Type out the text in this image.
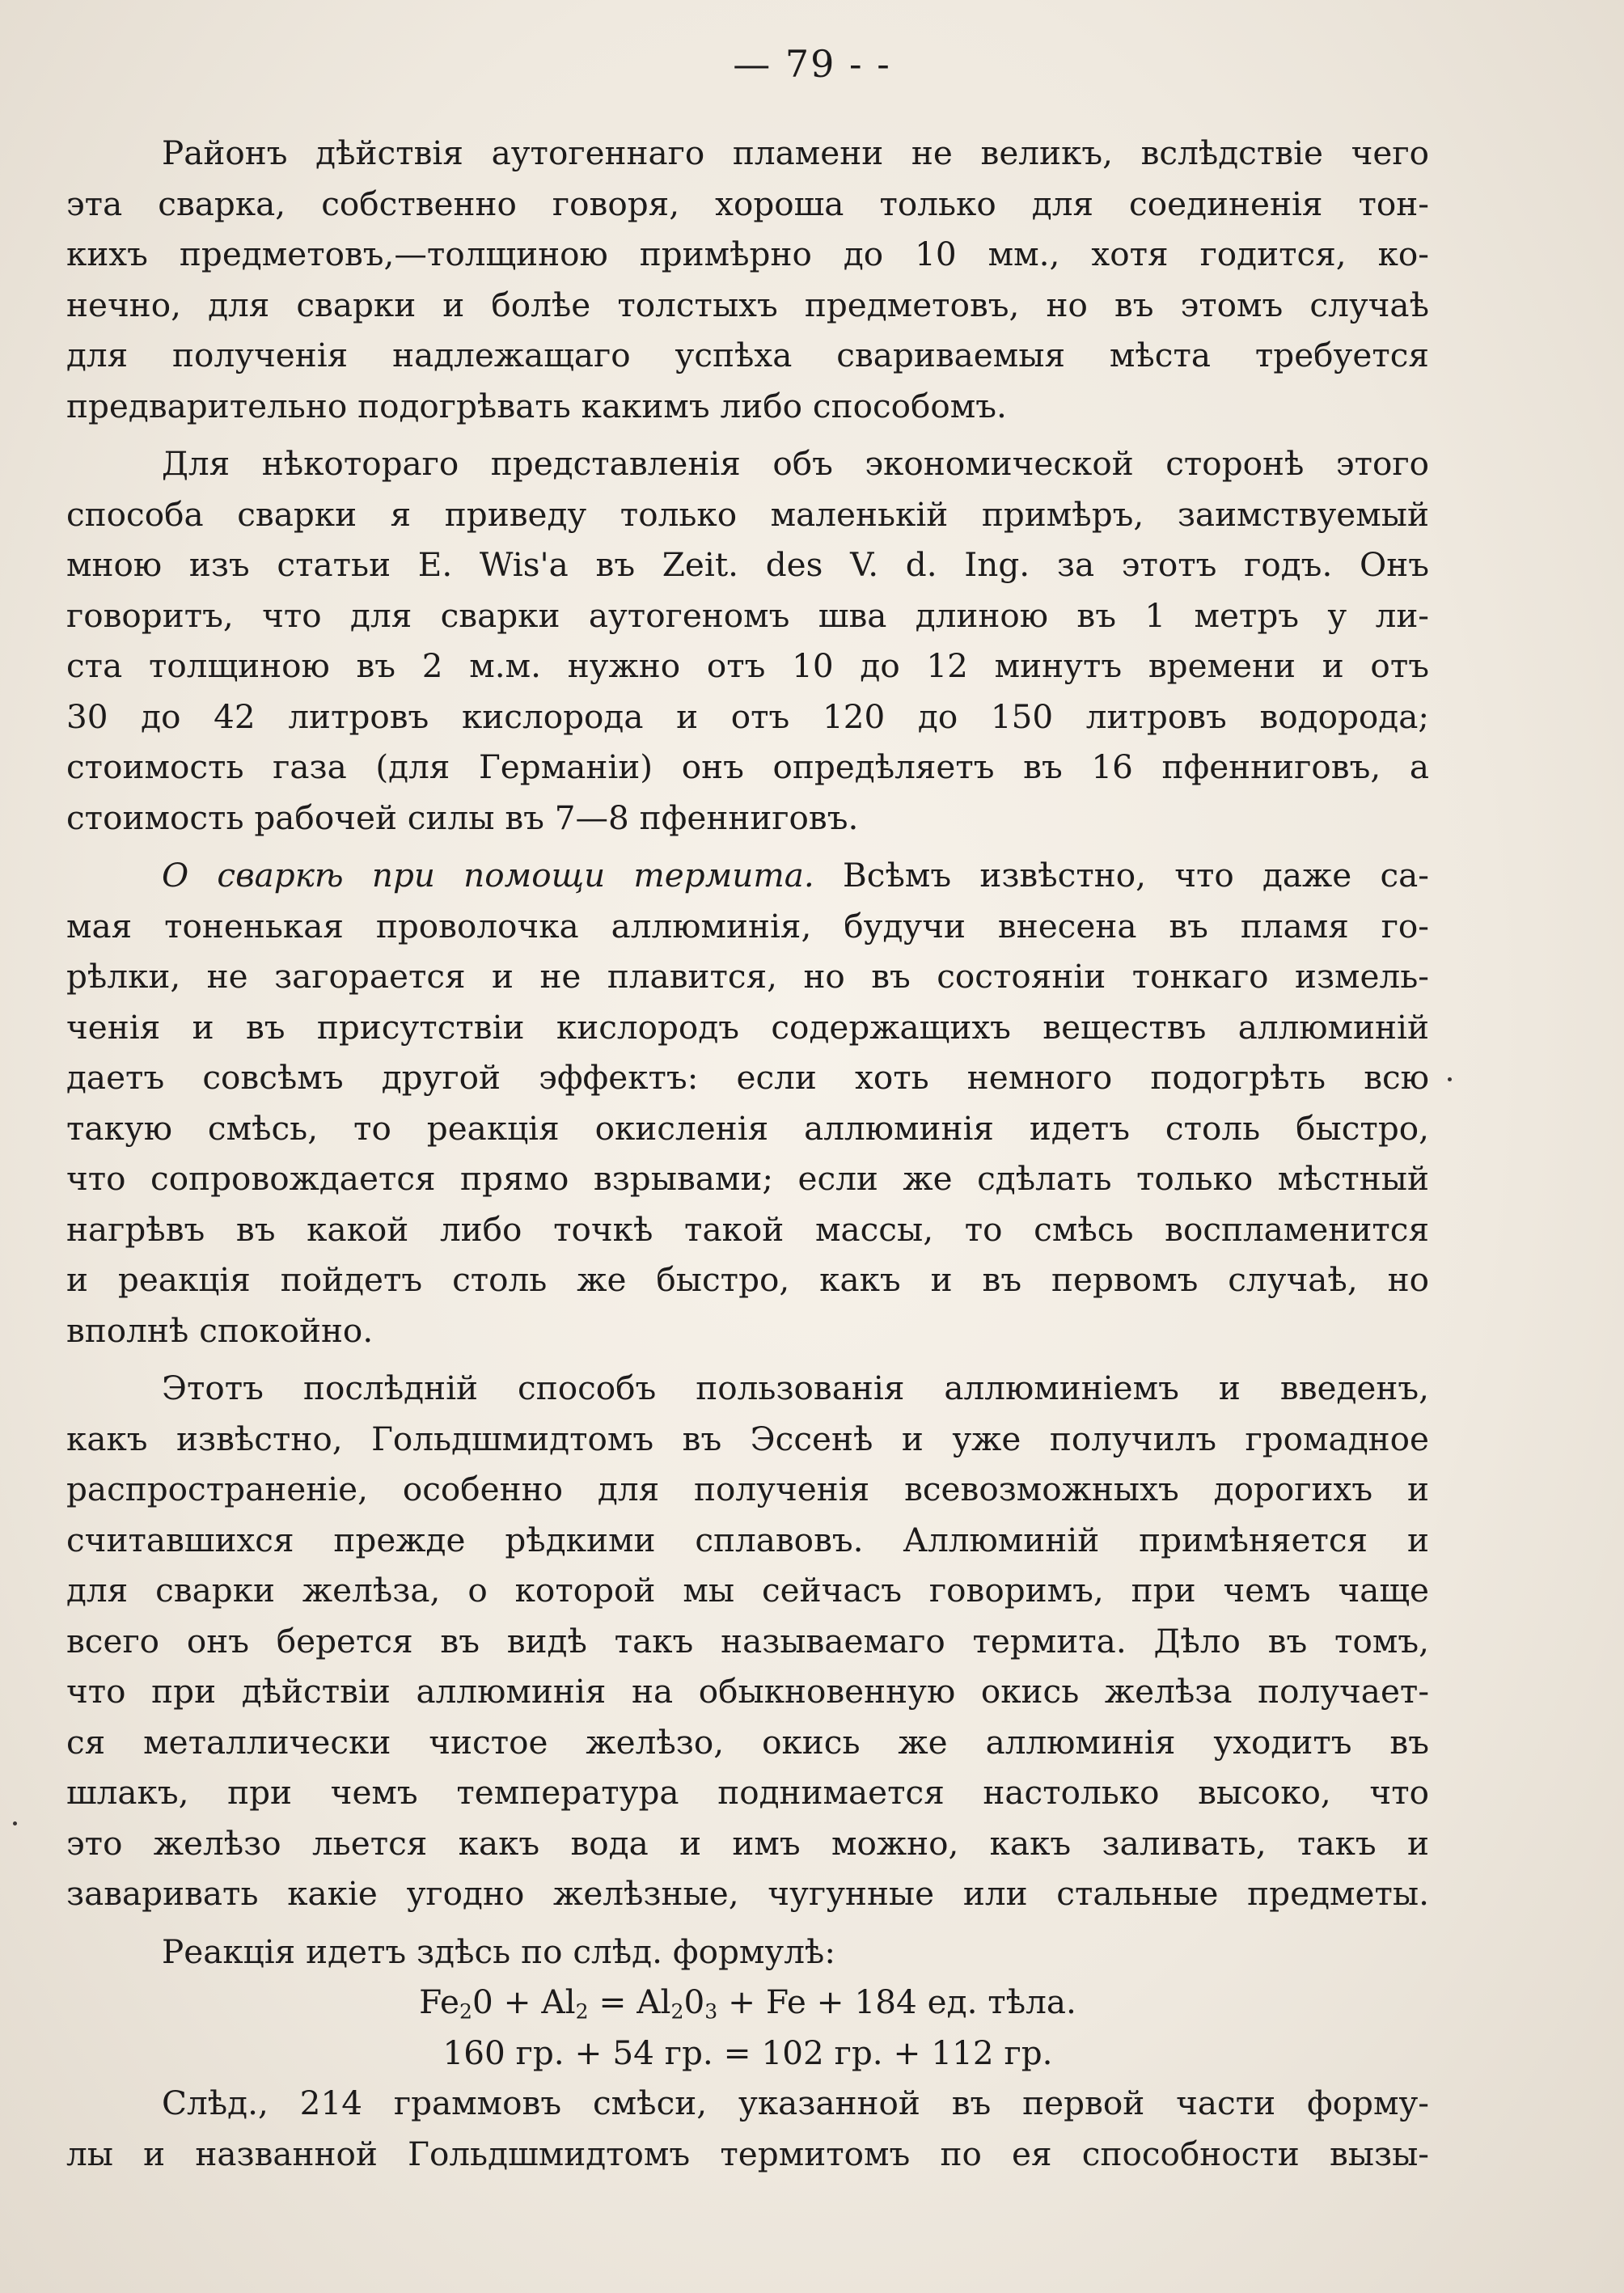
— 79 - -
Районъ дѣйствія аутогеннаго пламени не великъ, вслѣдствіе чего
эта сварка, собственно говоря, хороша только для соединенія тон-
кихъ предметовъ,—толщиною примѣрно до 10 мм., хотя годится, ко-
нечно, для сварки и болѣе толстыхъ предметовъ, но въ этомъ случаѣ
для полученія надлежащаго успѣха свариваемыя мѣста требуется
предварительно подогрѣвать какимъ либо способомъ.
Для нѣкотораго представленія объ экономической сторонѣ этого
способа сварки я приведу только маленькій примѣръ, заимствуемый
мною изъ статьи E. Wis'a въ Zeit. des V. d. Ing. за этотъ годъ. Онъ
говоритъ, что для сварки аутогеномъ шва длиною въ 1 метръ у ли-
ста толщиною въ 2 м.м. нужно отъ 10 до 12 минутъ времени и отъ
30 до 42 литровъ кислорода и отъ 120 до 150 литровъ водорода;
стоимость газа (для Германіи) онъ опредѣляетъ въ 16 пфенниговъ, а
стоимость рабочей силы въ 7—8 пфенниговъ.
О сваркѣ при помощи термита. Всѣмъ извѣстно, что даже са-
мая тоненькая проволочка аллюминія, будучи внесена въ пламя го-
рѣлки, не загорается и не плавится, но въ состояніи тонкаго измель-
ченія и въ присутствіи кислородъ содержащихъ веществъ аллюминій
даетъ совсѣмъ другой эффектъ: если хоть немного подогрѣть всю
такую смѣсь, то реакція окисленія аллюминія идетъ столь быстро,
что сопровождается прямо взрывами; если же сдѣлать только мѣстный
нагрѣвъ въ какой либо точкѣ такой массы, то смѣсь воспламенится
и реакція пойдетъ столь же быстро, какъ и въ первомъ случаѣ, но
вполнѣ спокойно.
Этотъ послѣдній способъ пользованія аллюминіемъ и введенъ,
какъ извѣстно, Гольдшмидтомъ въ Эссенѣ и уже получилъ громадное
распространеніе, особенно для полученія всевозможныхъ дорогихъ и
считавшихся прежде рѣдкими сплавовъ. Аллюминій примѣняется и
для сварки желѣза, о которой мы сейчасъ говоримъ, при чемъ чаще
всего онъ берется въ видѣ такъ называемаго термита. Дѣло въ томъ,
что при дѣйствіи аллюминія на обыкновенную окись желѣза получает-
ся металлически чистое желѣзо, окись же аллюминія уходитъ въ
шлакъ, при чемъ температура поднимается настолько высоко, что
это желѣзо льется какъ вода и имъ можно, какъ заливать, такъ и
заваривать какіе угодно желѣзные, чугунные или стальные предметы.
Реакція идетъ здѣсь по слѣд. формулѣ:
$Fe_20 + Al_2 = Al_20_3 + Fe + 184$ ед. тѣла.
160 гр. + 54 гр. = 102 гр. + 112 гр.
Слѣд., 214 граммовъ смѣси, указанной въ первой части форму-
лы и названной Гольдшмидтомъ термитомъ по ея способности вызы-
